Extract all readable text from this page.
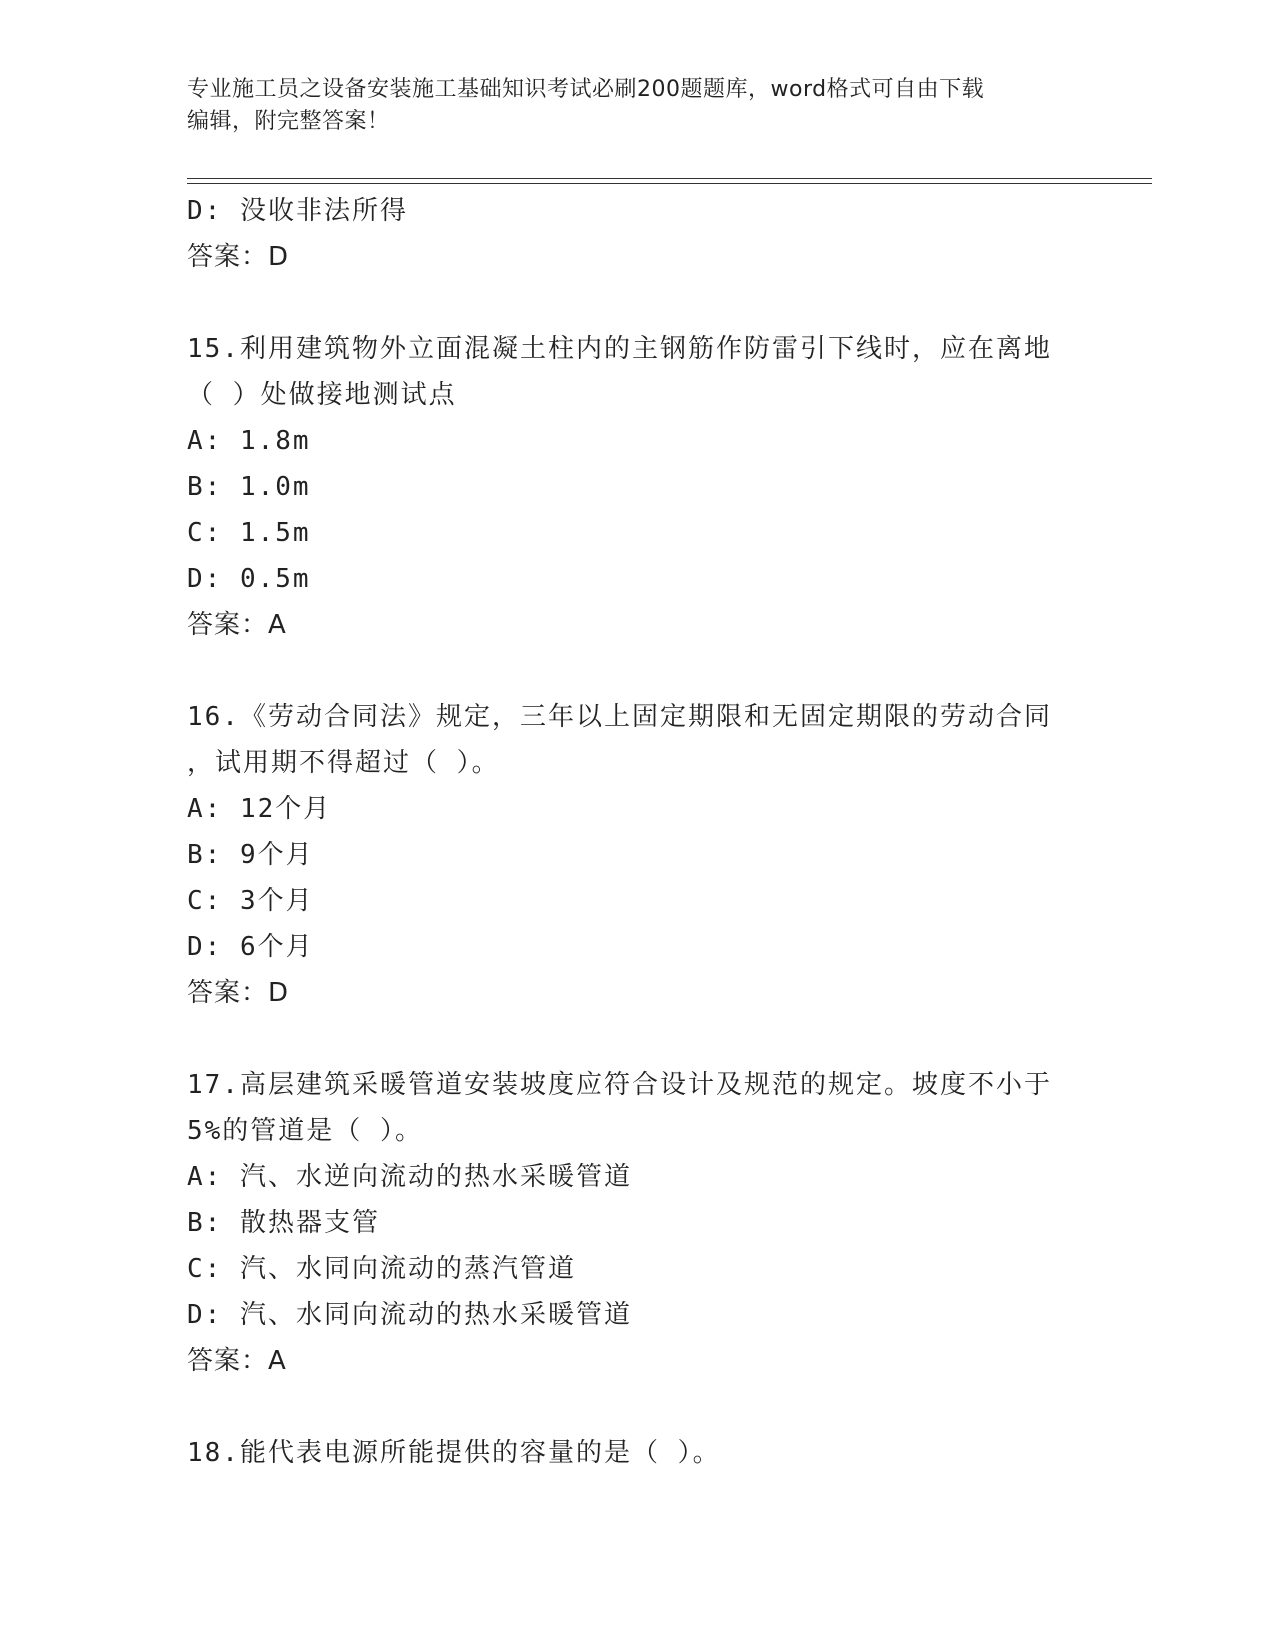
专业施工员之设备安装施工基础知识考试必刷200题题库，word格式可自由下载
编辑，附完整答案！
D: 没收非法所得
答案：D
15.利用建筑物外立面混凝土柱内的主钢筋作防雷引下线时，应在离地
（ ）处做接地测试点
A: 1.8m
B: 1.0m
C: 1.5m
D: 0.5m
答案：A
16.《劳动合同法》规定，三年以上固定期限和无固定期限的劳动合同
，试用期不得超过（ ）。
A: 12个月
B: 9个月
C: 3个月
D: 6个月
答案：D
17.高层建筑采暖管道安装坡度应符合设计及规范的规定。坡度不小于
5%的管道是（ ）。
A: 汽、水逆向流动的热水采暖管道
B: 散热器支管
C: 汽、水同向流动的蒸汽管道
D: 汽、水同向流动的热水采暖管道
答案：A
18.能代表电源所能提供的容量的是（ ）。
